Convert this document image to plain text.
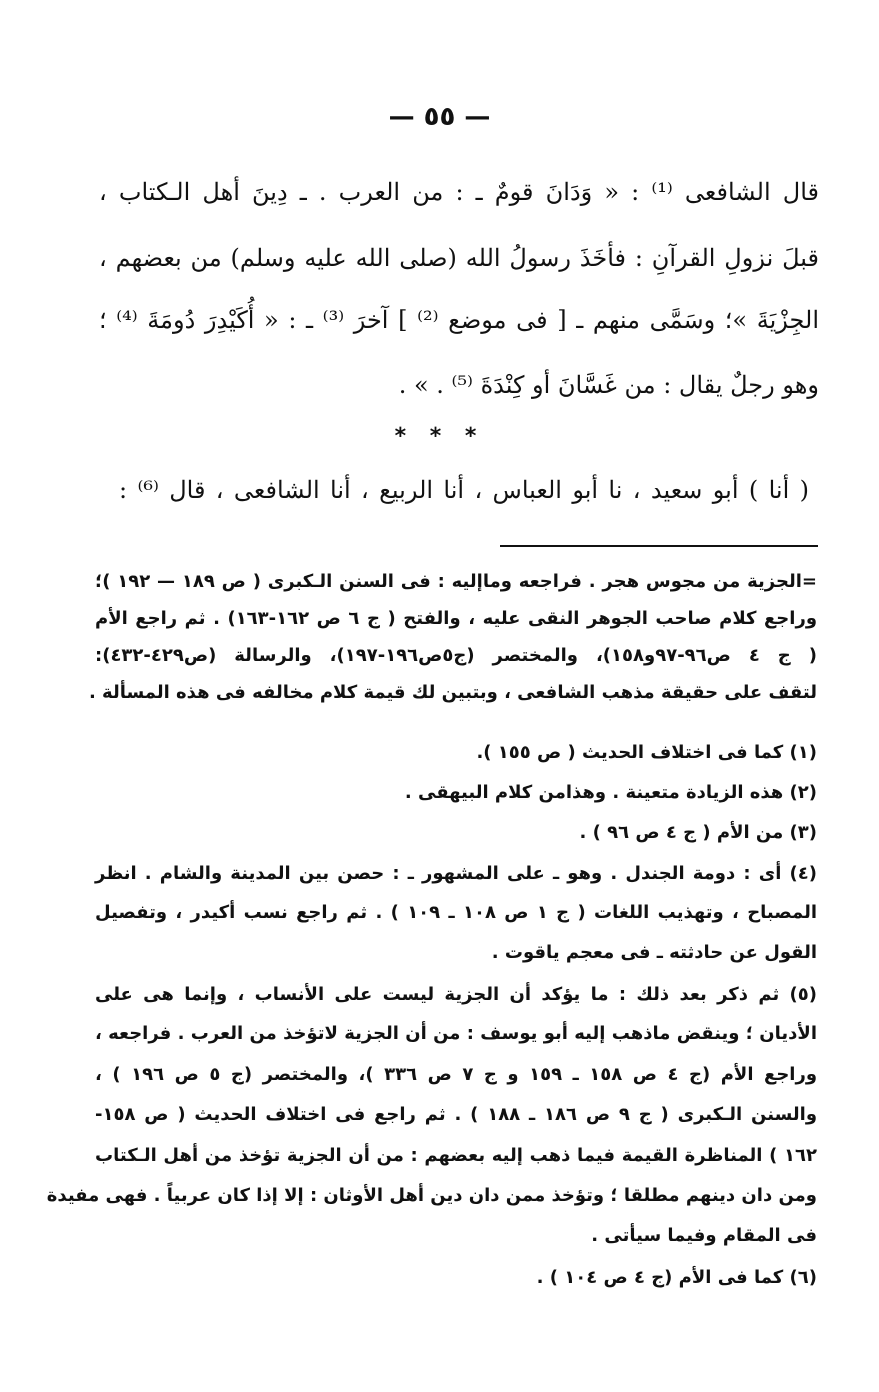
— ٥٥ —
قال الشافعى ⁽¹⁾ : « وَدَانَ قومٌ ـ : من العرب . ـ دِينَ أهل الـكتاب ،
قبلَ نزولِ القرآنِ : فأخَذَ رسولُ الله (صلى الله عليه وسلم) من بعضهم ،
الجِزْيَةَ »؛ وسَمَّى منهم ـ [ فى موضع ⁽²⁾ ] آخرَ ⁽³⁾ ـ : « أُكَيْدِرَ دُومَةَ ⁽⁴⁾ ؛
وهو رجلٌ يقال : من غَسَّانَ أو كِنْدَةَ ⁽⁵⁾ . » .
* * *
( أنا ) أبو سعيد ، نا أبو العباس ، أنا الربيع ، أنا الشافعى ، قال ⁽⁶⁾ :
=الجزية من مجوس هجر . فراجعه وماإليه : فى السنن الـكبرى ( ص ١٨٩ — ١٩٢ )؛
وراجع كلام صاحب الجوهر النقى عليه ، والفتح ( ج ٦ ص ١٦٢-١٦٣) . ثم راجع الأم
( ج ٤ ص٩٦-٩٧و١٥٨)، والمختصر (ج٥ص١٩٦-١٩٧)، والرسالة (ص٤٢٩-٤٣٢):
لتقف على حقيقة مذهب الشافعى ، وبتبين لك قيمة كلام مخالفه فى هذه المسألة .
(١) كما فى اختلاف الحديث ( ص ١٥٥ ).
(٢) هذه الزيادة متعينة . وهذامن كلام البيهقى .
(٣) من الأم ( ج ٤ ص ٩٦ ) .
(٤) أى : دومة الجندل . وهو ـ على المشهور ـ : حصن بين المدينة والشام . انظر
المصباح ، وتهذيب اللغات ( ج ١ ص ١٠٨ ـ ١٠٩ ) . ثم راجع نسب أكيدر ، وتفصيل
القول عن حادثته ـ فى معجم ياقوت .
(٥) ثم ذكر بعد ذلك : ما يؤكد أن الجزية ليست على الأنساب ، وإنما هى على
الأديان ؛ وينقض ماذهب إليه أبو يوسف : من أن الجزية لاتؤخذ من العرب . فراجعه ،
وراجع الأم (ج ٤ ص ١٥٨ ـ ١٥٩ و ج ٧ ص ٣٣٦ )، والمختصر (ج ٥ ص ١٩٦ ) ،
والسنن الـكبرى ( ج ٩ ص ١٨٦ ـ ١٨٨ ) . ثم راجع فى اختلاف الحديث ( ص ١٥٨-
١٦٢ ) المناظرة القيمة فيما ذهب إليه بعضهم : من أن الجزية تؤخذ من أهل الـكتاب
ومن دان دينهم مطلقا ؛ وتؤخذ ممن دان دين أهل الأوثان : إلا إذا كان عربياً . فهى مفيدة
فى المقام وفيما سيأتى .
(٦) كما فى الأم (ج ٤ ص ١٠٤ ) .
